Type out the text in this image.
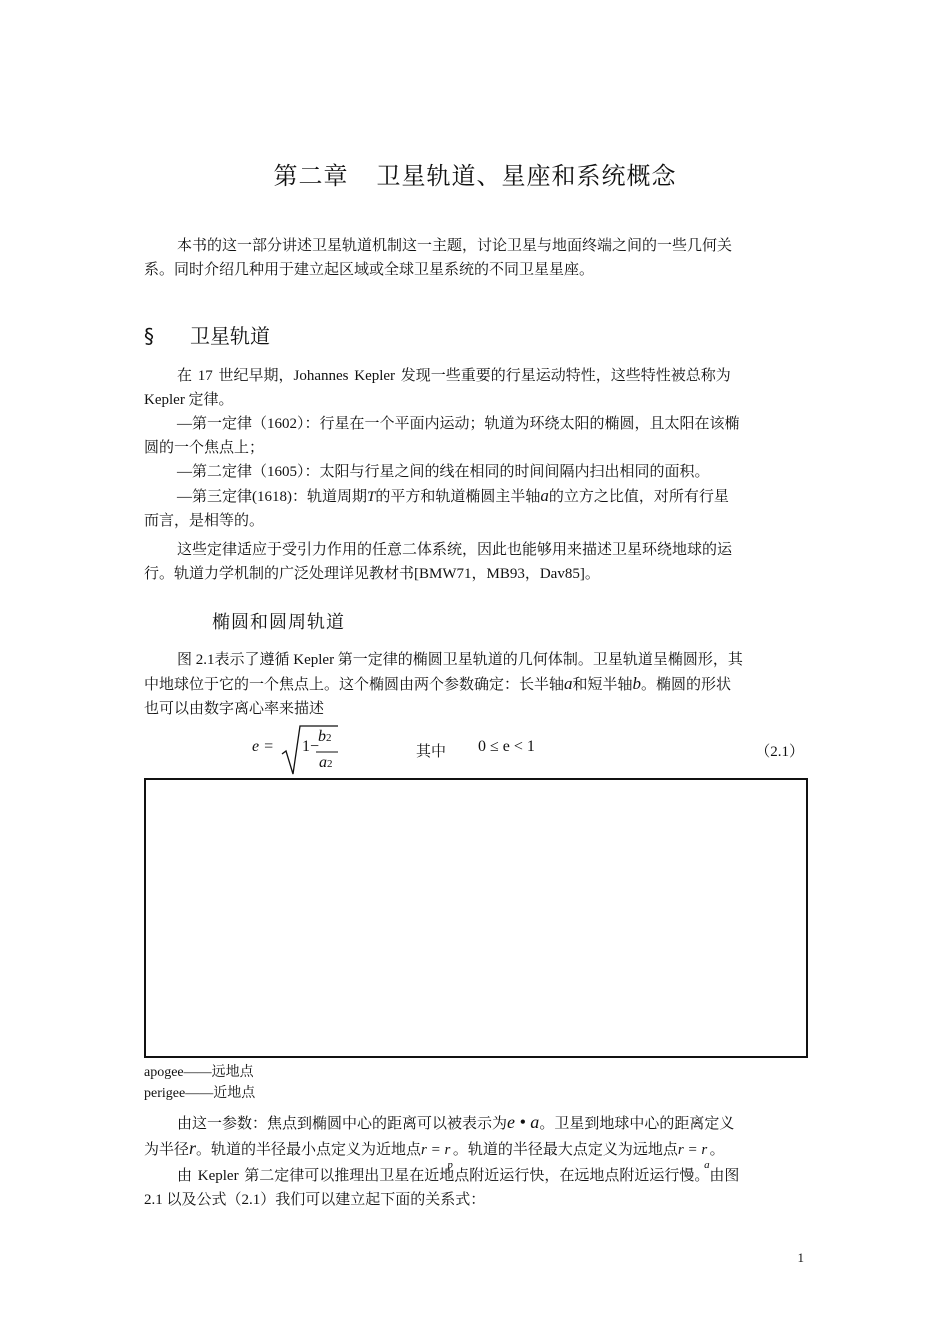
第二章 卫星轨道、星座和系统概念
本书的这一部分讲述卫星轨道机制这一主题，讨论卫星与地面终端之间的一些几何关
系。同时介绍几种用于建立起区域或全球卫星系统的不同卫星星座。
§ 卫星轨道
在 17 世纪早期，Johannes Kepler 发现一些重要的行星运动特性，这些特性被总称为
Kepler 定律。
—第一定律（1602）：行星在一个平面内运动；轨道为环绕太阳的椭圆，且太阳在该椭
圆的一个焦点上；
—第二定律（1605）：太阳与行星之间的线在相同的时间间隔内扫出相同的面积。
—第三定律(1618)：轨道周期T的平方和轨道椭圆主半轴a的立方之比值，对所有行星
而言，是相等的。
这些定律适应于受引力作用的任意二体系统，因此也能够用来描述卫星环绕地球的运
行。轨道力学机制的广泛处理详见教材书[BMW71，MB93，Dav85]。
椭圆和圆周轨道
图 2.1表示了遵循 Kepler 第一定律的椭圆卫星轨道的几何体制。卫星轨道呈椭圆形，其
中地球位于它的一个焦点上。这个椭圆由两个参数确定：长半轴a和短半轴b。椭圆的形状
也可以由数字离心率来描述
e = 1−
b2
a2
其中 0 ≤ e < 1	（2.1）
apogee——远地点
perigee——近地点
由这一参数：焦点到椭圆中心的距离可以被表示为e • a。卫星到地球中心的距离定义
为半径r。轨道的半径最小点定义为近地点$r = r_p$。轨道的半径最大点定义为远地点$r = r_a$。
由 Kepler 第二定律可以推理出卫星在近地点附近运行快，在远地点附近运行慢。由图
2.1 以及公式（2.1）我们可以建立起下面的关系式：
1
